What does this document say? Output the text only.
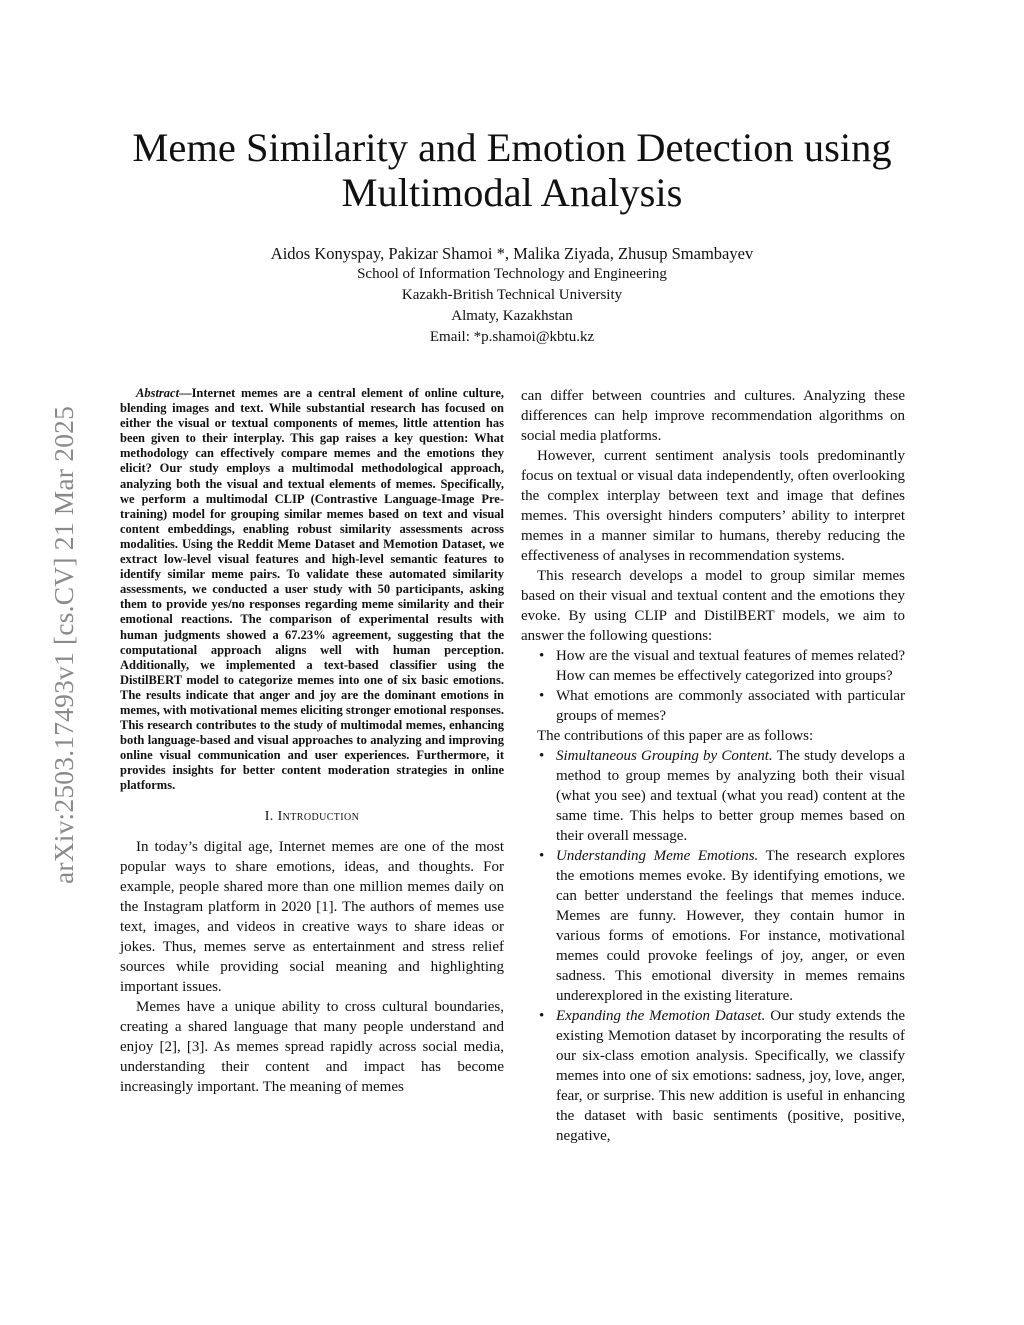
arXiv:2503.17493v1 [cs.CV] 21 Mar 2025
Meme Similarity and Emotion Detection using Multimodal Analysis
Aidos Konyspay, Pakizar Shamoi *, Malika Ziyada, Zhusup Smambayev
School of Information Technology and Engineering
Kazakh-British Technical University
Almaty, Kazakhstan
Email: *p.shamoi@kbtu.kz

Abstract—Internet memes are a central element of online culture, blending images and text. While substantial research has focused on either the visual or textual components of memes, little attention has been given to their interplay. This gap raises a key question: What methodology can effectively compare memes and the emotions they elicit? Our study employs a multimodal methodological approach, analyzing both the visual and textual elements of memes. Specifically, we perform a multimodal CLIP (Contrastive Language-Image Pre-training) model for grouping similar memes based on text and visual content embeddings, enabling robust similarity assessments across modalities. Using the Reddit Meme Dataset and Memotion Dataset, we extract low-level visual features and high-level semantic features to identify similar meme pairs. To validate these automated similarity assessments, we conducted a user study with 50 participants, asking them to provide yes/no responses regarding meme similarity and their emotional reactions. The comparison of experimental results with human judgments showed a 67.23% agreement, suggesting that the computational approach aligns well with human perception. Additionally, we implemented a text-based classifier using the DistilBERT model to categorize memes into one of six basic emotions. The results indicate that anger and joy are the dominant emotions in memes, with motivational memes eliciting stronger emotional responses. This research contributes to the study of multimodal memes, enhancing both language-based and visual approaches to analyzing and improving online visual communication and user experiences. Furthermore, it provides insights for better content moderation strategies in online platforms.

I. Introduction

In today’s digital age, Internet memes are one of the most popular ways to share emotions, ideas, and thoughts. For example, people shared more than one million memes daily on the Instagram platform in 2020 [1]. The authors of memes use text, images, and videos in creative ways to share ideas or jokes. Thus, memes serve as entertainment and stress relief sources while providing social meaning and highlighting important issues.

Memes have a unique ability to cross cultural boundaries, creating a shared language that many people understand and enjoy [2], [3]. As memes spread rapidly across social media, understanding their content and impact has become increasingly important. The meaning of memes

can differ between countries and cultures. Analyzing these differences can help improve recommendation algorithms on social media platforms.

However, current sentiment analysis tools predominantly focus on textual or visual data independently, often overlooking the complex interplay between text and image that defines memes. This oversight hinders computers’ ability to interpret memes in a manner similar to humans, thereby reducing the effectiveness of analyses in recommendation systems.

This research develops a model to group similar memes based on their visual and textual content and the emotions they evoke. By using CLIP and DistilBERT models, we aim to answer the following questions:

• How are the visual and textual features of memes related? How can memes be effectively categorized into groups?
• What emotions are commonly associated with particular groups of memes?

The contributions of this paper are as follows:

• Simultaneous Grouping by Content. The study develops a method to group memes by analyzing both their visual (what you see) and textual (what you read) content at the same time. This helps to better group memes based on their overall message.
• Understanding Meme Emotions. The research explores the emotions memes evoke. By identifying emotions, we can better understand the feelings that memes induce. Memes are funny. However, they contain humor in various forms of emotions. For instance, motivational memes could provoke feelings of joy, anger, or even sadness. This emotional diversity in memes remains underexplored in the existing literature.
• Expanding the Memotion Dataset. Our study extends the existing Memotion dataset by incorporating the results of our six-class emotion analysis. Specifically, we classify memes into one of six emotions: sadness, joy, love, anger, fear, or surprise. This new addition is useful in enhancing the dataset with basic sentiments (positive, positive, negative,
